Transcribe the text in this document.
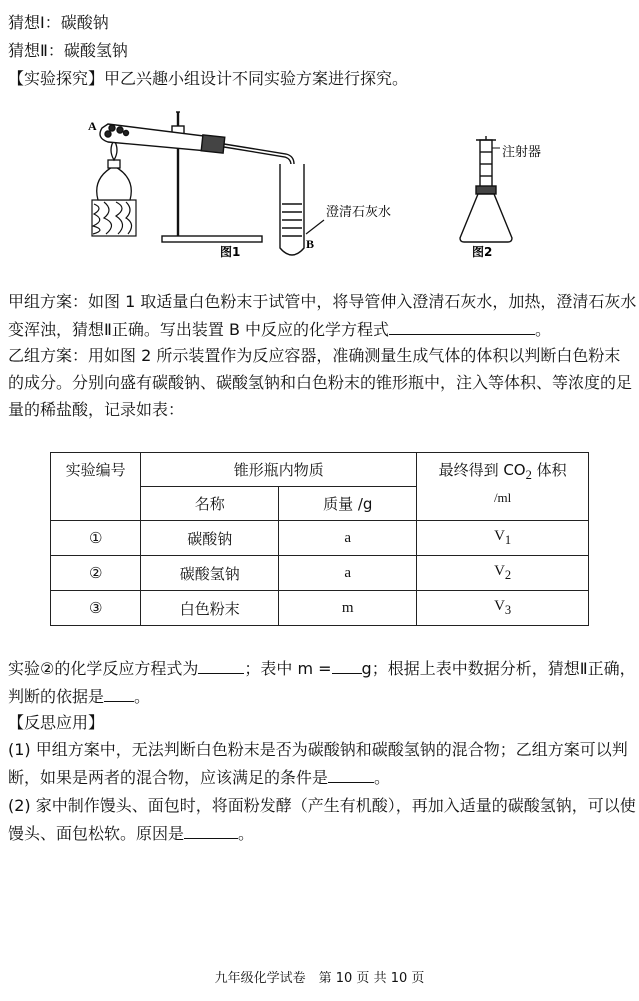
猜想Ⅰ：碳酸钠
猜想Ⅱ：碳酸氢钠
【实验探究】甲乙兴趣小组设计不同实验方案进行探究。
A
B
澄清石灰水
图1
注射器
图2
甲组方案：如图 1 取适量白色粉末于试管中，将导管伸入澄清石灰水，加热，澄清石灰水
变浑浊，猜想Ⅱ正确。写出装置 B 中反应的化学方程式	。
乙组方案：用如图 2 所示装置作为反应容器，准确测量生成气体的体积以判断白色粉末
的成分。分别向盛有碳酸钠、碳酸氢钠和白色粉末的锥形瓶中，注入等体积、等浓度的足
量的稀盐酸，记录如表：
实验编号	锥形瓶内物质		最终得到 $CO_2$ 体积
/ml
	名称	质量 /g	
①	碳酸钠	a	$V_1$
②	碳酸氢钠	a	$V_2$
③	白色粉末	m	$V_3$
实验②的化学反应方程式为	；表中 m = g；根据上表中数据分析，猜想Ⅱ正确，
判断的依据是 。
【反思应用】
(1) 甲组方案中，无法判断白色粉末是否为碳酸钠和碳酸氢钠的混合物；乙组方案可以判
断，如果是两者的混合物，应该满足的条件是	。
(2) 家中制作馒头、面包时，将面粉发酵（产生有机酸），再加入适量的碳酸氢钠，可以使
馒头、面包松软。原因是	。
九年级化学试卷　第 10 页 共 10 页
